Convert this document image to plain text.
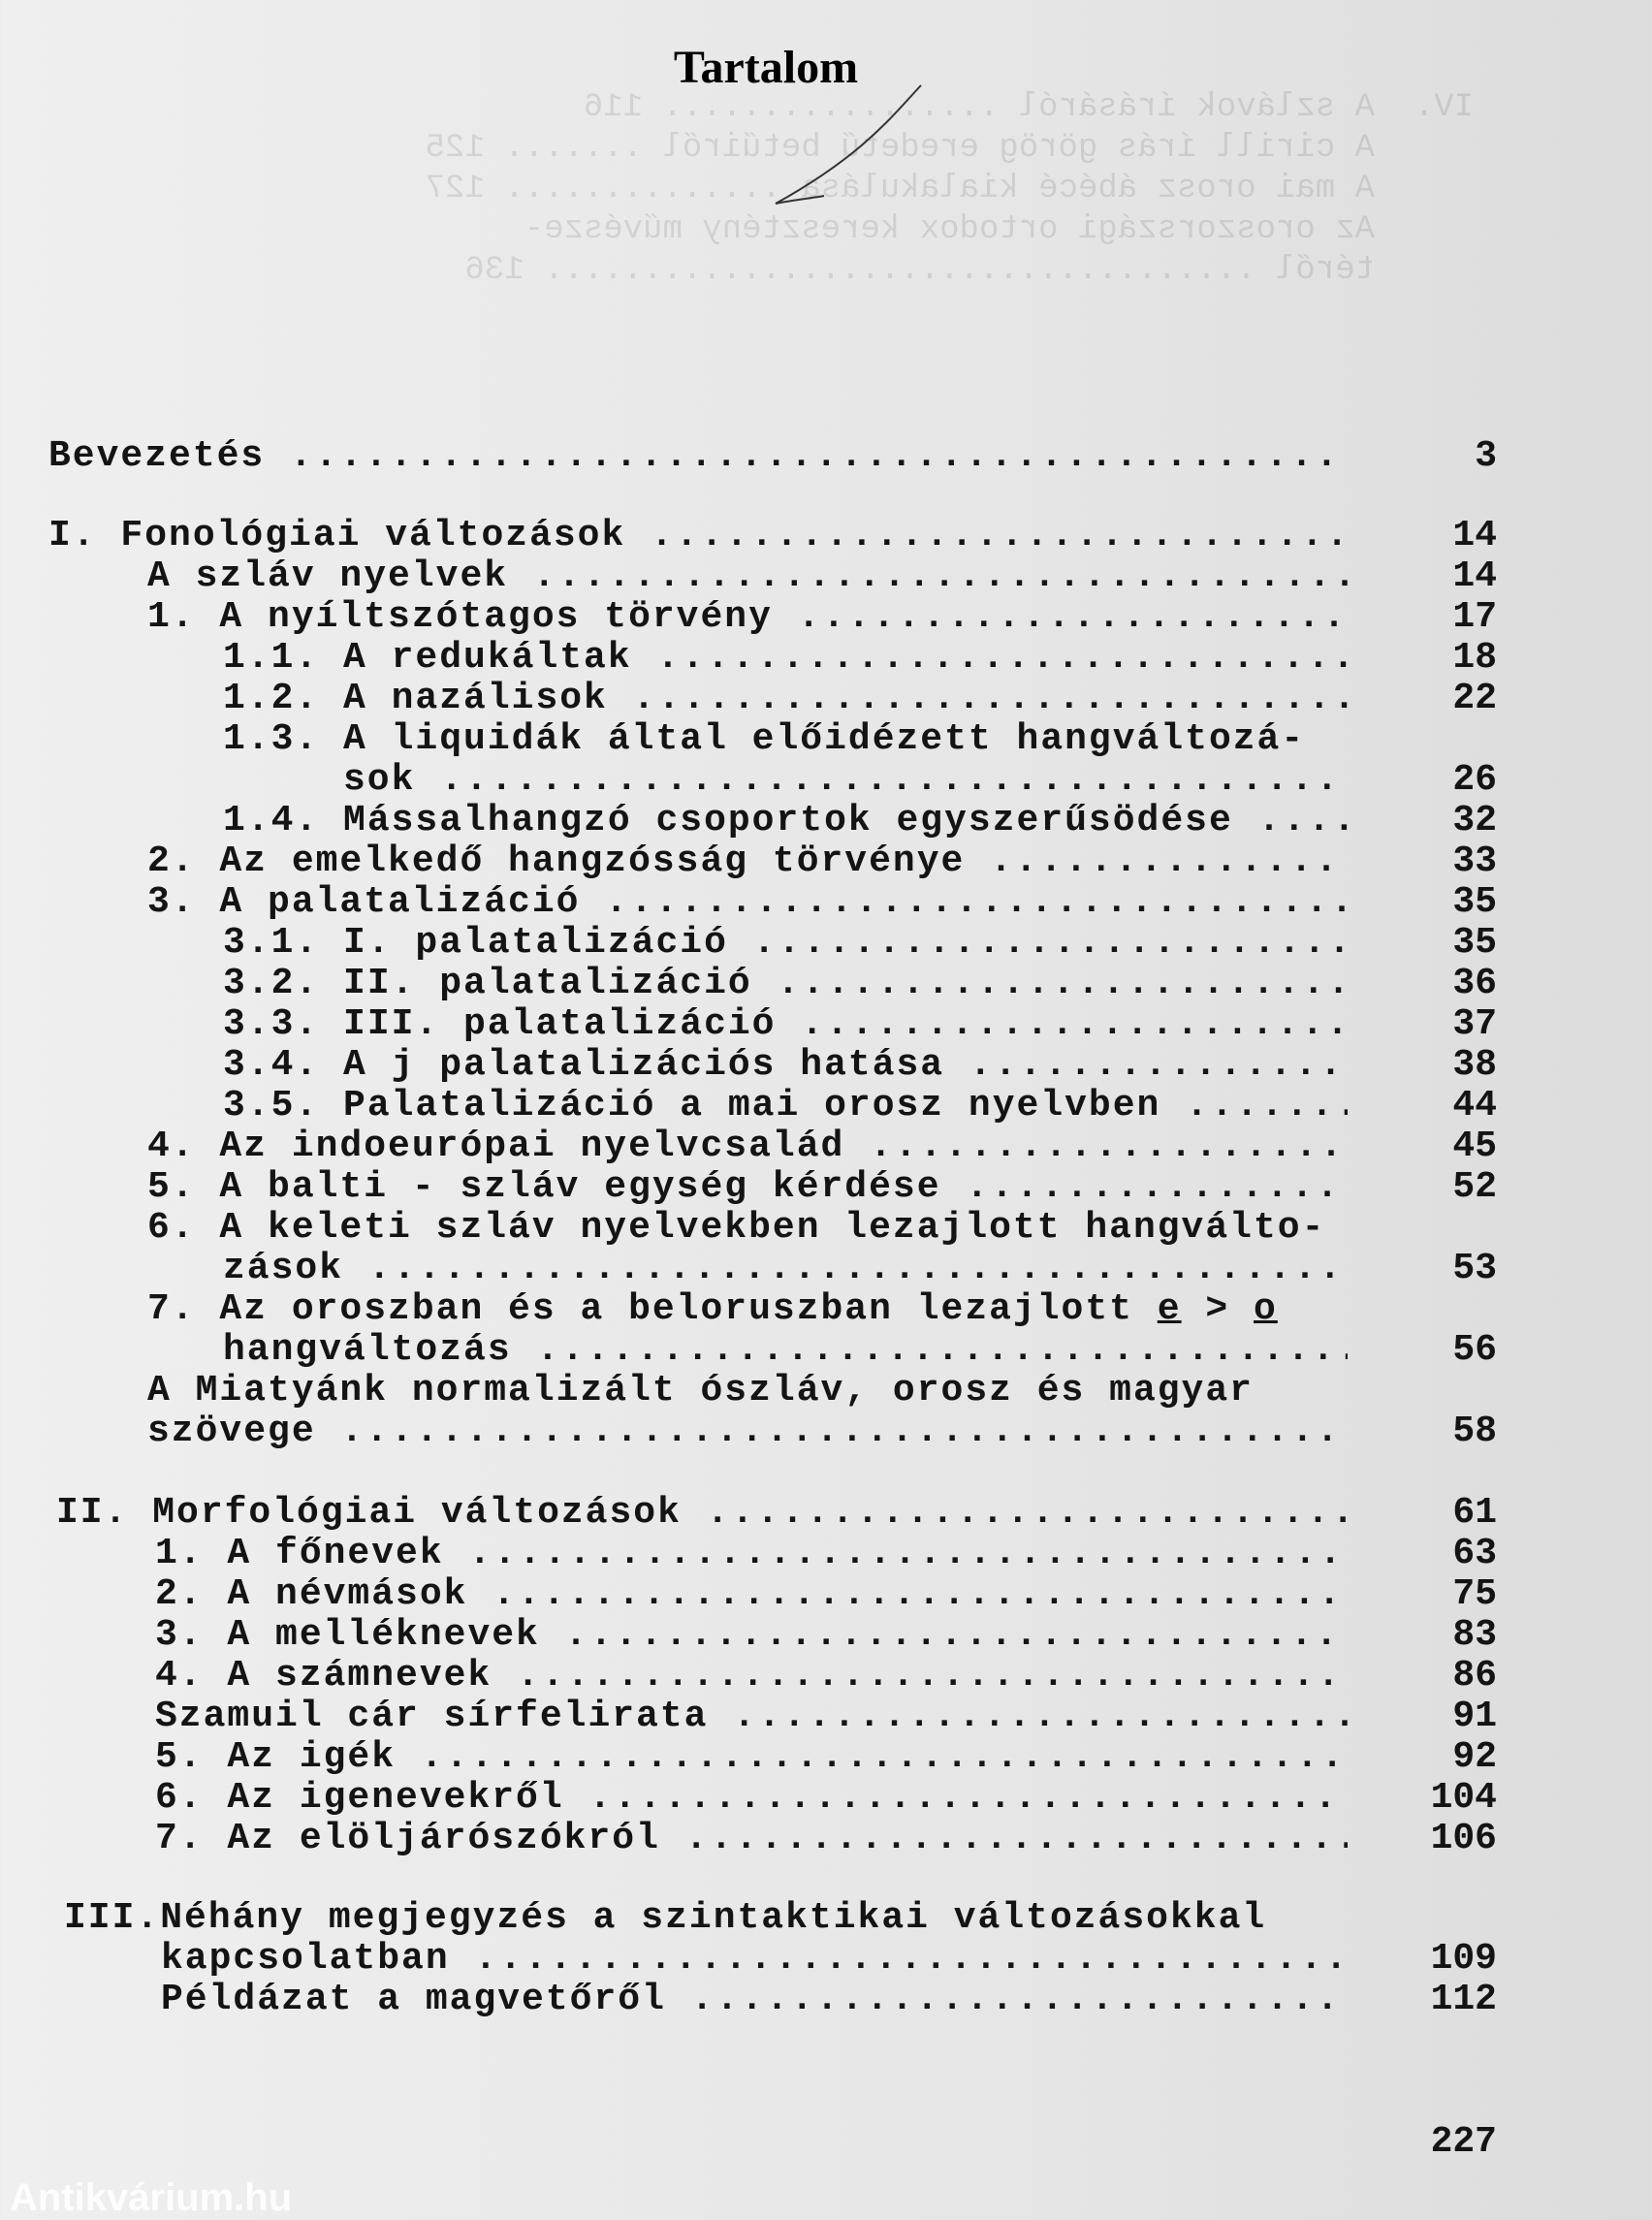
IV.  A szlávok írásáról ................. 116
A cirill írás görög eredetű betűiről ....... 125
A mai orosz ábécé kialakulása .............. 127
Az oroszországi ortodox keresztény művésze-
téről .................................... 136
Tartalom
Bevezetés .....	3
I. Fonológiai változások .....	14
A szláv nyelvek .....	14
1. A nyíltszótagos törvény .....	17
1.1. A redukáltak .....	18
1.2. A nazálisok .....	22
1.3. A liquidák által előidézett hangváltozá-
sok .....	26
1.4. Mássalhangzó csoportok egyszerűsödése .....	32
2. Az emelkedő hangzósság törvénye .....	33
3. A palatalizáció .....	35
3.1. I. palatalizáció .....	35
3.2. II. palatalizáció .....	36
3.3. III. palatalizáció .....	37
3.4. A j palatalizációs hatása .....	38
3.5. Palatalizáció a mai orosz nyelvben .....	44
4. Az indoeurópai nyelvcsalád .....	45
5. A balti - szláv egység kérdése .....	52
6. A keleti szláv nyelvekben lezajlott hangválto-
zások .....	53
7. Az oroszban és a beloruszban lezajlott e > o
hangváltozás .....	56
A Miatyánk normalizált ószláv, orosz és magyar
szövege .....	58
II. Morfológiai változások .....	61
1. A főnevek .....	63
2. A névmások .....	75
3. A melléknevek .....	83
4. A számnevek .....	86
Szamuil cár sírfelirata .....	91
5. Az igék .....	92
6. Az igenevekről .....	104
7. Az elöljárószókról .....	106
III.Néhány megjegyzés a szintaktikai változásokkal
kapcsolatban .....	109
Példázat a magvetőről .....	112
227
Antikvárium.hu
